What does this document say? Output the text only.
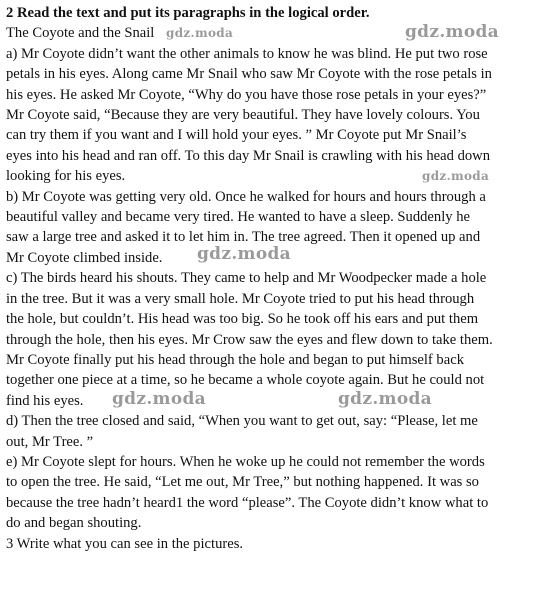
2 Read the text and put its paragraphs in the logical order.
The Coyote and the Snail
a) Mr Coyote didn’t want the other animals to know he was blind. He put two rose
petals in his eyes. Along came Mr Snail who saw Mr Coyote with the rose petals in
his eyes. He asked Mr Coyote, “Why do you have those rose petals in your eyes?”
Mr Coyote said, “Because they are very beautiful. They have lovely colours. You
can try them if you want and I will hold your eyes. ” Mr Coyote put Mr Snail’s
eyes into his head and ran off. To this day Mr Snail is crawling with his head down
looking for his eyes.
b) Mr Coyote was getting very old. Once he walked for hours and hours through a
beautiful valley and became very tired. He wanted to have a sleep. Suddenly he
saw a large tree and asked it to let him in. The tree agreed. Then it opened up and
Mr Coyote climbed inside.
c) The birds heard his shouts. They came to help and Mr Woodpecker made a hole
in the tree. But it was a very small hole. Mr Coyote tried to put his head through
the hole, but couldn’t. His head was too big. So he took off his ears and put them
through the hole, then his eyes. Mr Crow saw the eyes and flew down to take them.
Mr Coyote finally put his head through the hole and began to put himself back
together one piece at a time, so he became a whole coyote again. But he could not
find his eyes.
d) Then the tree closed and said, “When you want to get out, say: “Please, let me
out, Mr Tree. ”
e) Mr Coyote slept for hours. When he woke up he could not remember the words
to open the tree. He said, “Let me out, Mr Tree,” but nothing happened. It was so
because the tree hadn’t heard1 the word “please”. The Coyote didn’t know what to
do and began shouting.
3 Write what you can see in the pictures.
gdz.moda	gdz.moda
gdz.moda
gdz.moda
gdz.moda	gdz.moda
